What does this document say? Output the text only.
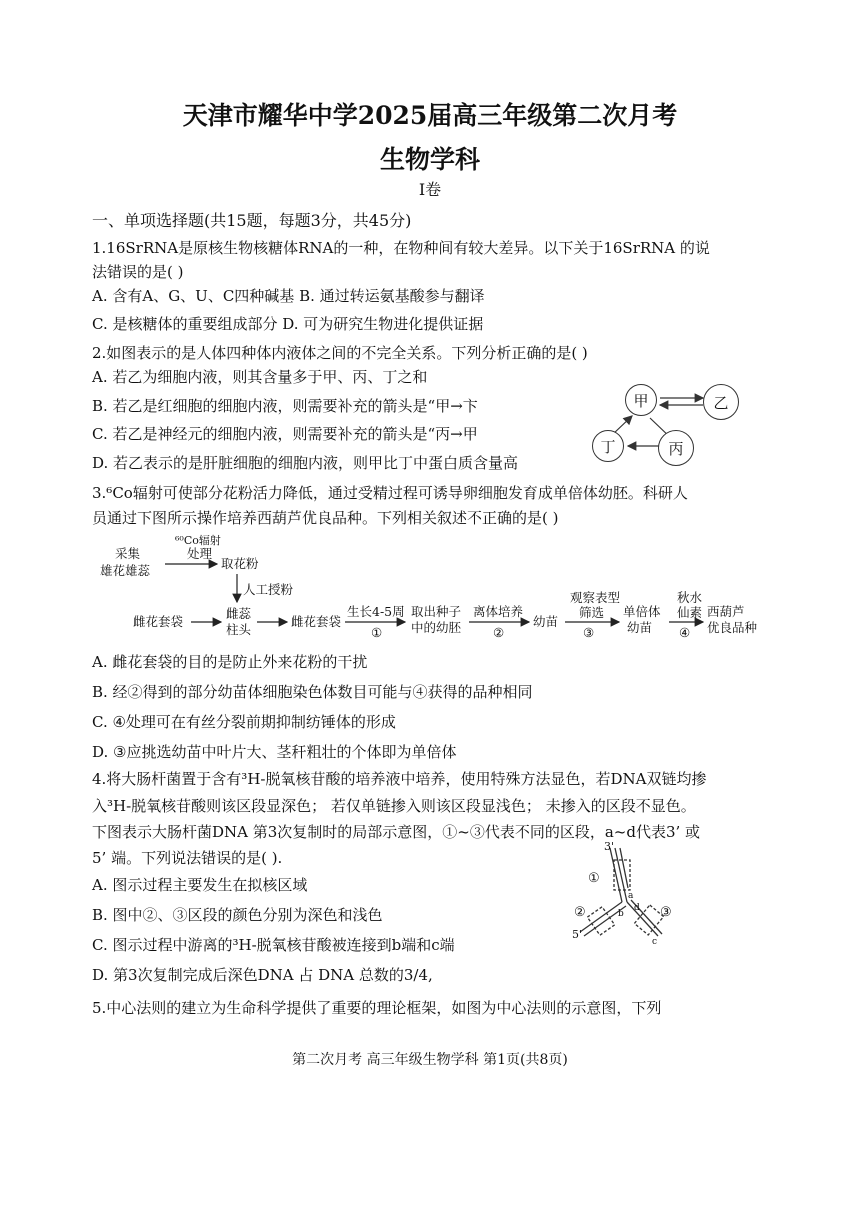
天津市耀华中学2025届高三年级第二次月考
生物学科
Ⅰ卷
一、单项选择题(共15题，每题3分，共45分)
1.16SrRNA是原核生物核糖体RNA的一种，在物种间有较大差异。以下关于16SrRNA 的说
法错误的是( )
A. 含有A、G、U、C四种碱基 B. 通过转运氨基酸参与翻译
C. 是核糖体的重要组成部分 D. 可为研究生物进化提供证据
2.如图表示的是人体四种体内液体之间的不完全关系。下列分析正确的是( )
A. 若乙为细胞内液，则其含量多于甲、丙、丁之和
B. 若乙是红细胞的细胞内液，则需要补充的箭头是“甲→卞
C. 若乙是神经元的细胞内液，则需要补充的箭头是“丙→甲
D. 若乙表示的是肝脏细胞的细胞内液，则甲比丁中蛋白质含量高
甲	乙
丁	丙
3.⁶Co辐射可使部分花粉活力降低，通过受精过程可诱导卵细胞发育成单倍体幼胚。科研人
员通过下图所示操作培养西葫芦优良品种。下列相关叙述不正确的是( )
采集
雄花雄蕊
⁶⁰Co辐射
处理
取花粉
人工授粉
雌花套袋
雌蕊
柱头
雌花套袋
生长4-5周
①
取出种子
中的幼胚
离体培养
②
幼苗
观察表型
筛选
③
单倍体
幼苗
秋水
仙素
④
西葫芦
优良品种
A. 雌花套袋的目的是防止外来花粉的干扰
B. 经②得到的部分幼苗体细胞染色体数目可能与④获得的品种相同
C. ④处理可在有丝分裂前期抑制纺锤体的形成
D. ③应挑选幼苗中叶片大、茎秆粗壮的个体即为单倍体
4.将大肠杆菌置于含有³H-脱氧核苷酸的培养液中培养，使用特殊方法显色，若DNA双链均掺
入³H-脱氧核苷酸则该区段显深色； 若仅单链掺入则该区段显浅色； 未掺入的区段不显色。
下图表示大肠杆菌DNA 第3次复制时的局部示意图，①~③代表不同的区段，a~d代表3’ 或
5’ 端。下列说法错误的是( ).
A. 图示过程主要发生在拟核区域
B. 图中②、③区段的颜色分别为深色和浅色
C. 图示过程中游离的³H-脱氧核苷酸被连接到b端和c端
D. 第3次复制完成后深色DNA 占 DNA 总数的3/4,
3'
①
②	③
5'
a
b
c
d
5.中心法则的建立为生命科学提供了重要的理论框架，如图为中心法则的示意图，下列
第二次月考 高三年级生物学科 第1页(共8页)
